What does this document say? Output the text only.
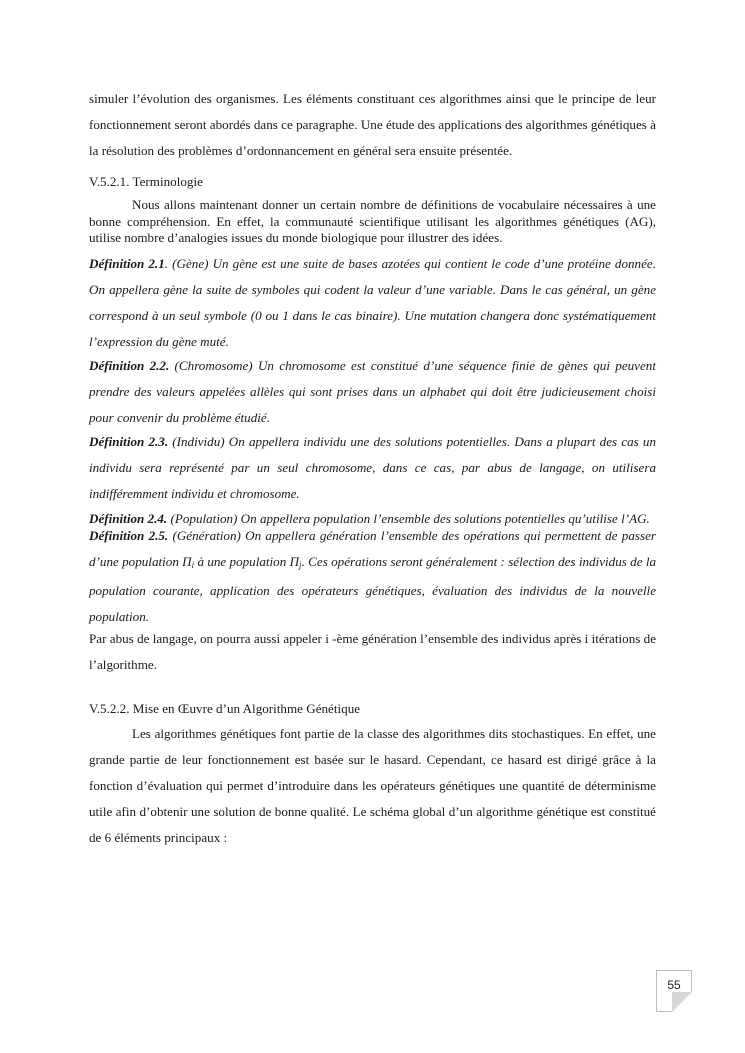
simuler l’évolution des organismes. Les éléments constituant ces algorithmes ainsi que le principe de leur fonctionnement seront abordés dans ce paragraphe. Une étude des applications des algorithmes génétiques à la résolution des problèmes d’ordonnancement en général sera ensuite présentée.

V.5.2.1. Terminologie

Nous allons maintenant donner un certain nombre de définitions de vocabulaire nécessaires à une bonne compréhension. En effet, la communauté scientifique utilisant les algorithmes génétiques (AG), utilise nombre d’analogies issues du monde biologique pour illustrer des idées.

Définition 2.1. (Gène) Un gène est une suite de bases azotées qui contient le code d’une protéine donnée. On appellera gène la suite de symboles qui codent la valeur d’une variable. Dans le cas général, un gène correspond à un seul symbole (0 ou 1 dans le cas binaire). Une mutation changera donc systématiquement l’expression du gène muté.

Définition 2.2. (Chromosome) Un chromosome est constitué d’une séquence finie de gènes qui peuvent prendre des valeurs appelées allèles qui sont prises dans un alphabet qui doit être judicieusement choisi pour convenir du problème étudié.

Définition 2.3. (Individu) On appellera individu une des solutions potentielles. Dans a plupart des cas un individu sera représenté par un seul chromosome, dans ce cas, par abus de langage, on utilisera indifféremment individu et chromosome.

Définition 2.4. (Population) On appellera population l’ensemble des solutions potentielles qu’utilise l’AG.

Définition 2.5. (Génération) On appellera génération l’ensemble des opérations qui permettent de passer d’une population $\Pi_i$ à une population $\Pi_j$. Ces opérations seront généralement : sélection des individus de la population courante, application des opérateurs génétiques, évaluation des individus de la nouvelle population.

Par abus de langage, on pourra aussi appeler i -ème génération l’ensemble des individus après i itérations de l’algorithme.

V.5.2.2. Mise en Œuvre d’un Algorithme Génétique

Les algorithmes génétiques font partie de la classe des algorithmes dits stochastiques. En effet, une grande partie de leur fonctionnement est basée sur le hasard. Cependant, ce hasard est dirigé grâce à la fonction d’évaluation qui permet d’introduire dans les opérateurs génétiques une quantité de déterminisme utile afin d’obtenir une solution de bonne qualité. Le schéma global d’un algorithme génétique est constitué de 6 éléments principaux :

55
